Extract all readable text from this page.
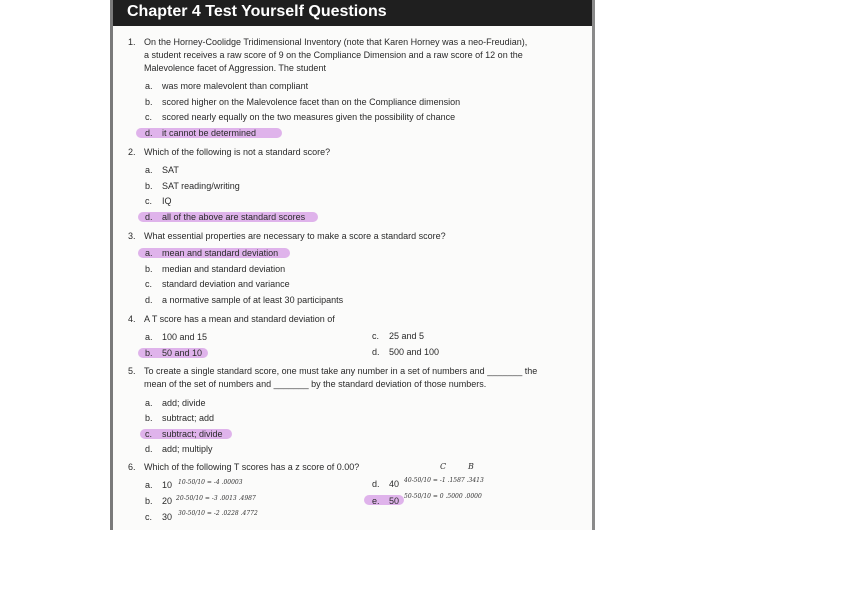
Chapter 4 Test Yourself Questions
1. On the Horney-Coolidge Tridimensional Inventory (note that Karen Horney was a neo-Freudian),
a student receives a raw score of 9 on the Compliance Dimension and a raw score of 12 on the
Malevolence facet of Aggression. The student
a. was more malevolent than compliant
b. scored higher on the Malevolence facet than on the Compliance dimension
c. scored nearly equally on the two measures given the possibility of chance
d. it cannot be determined
2. Which of the following is not a standard score?
a. SAT
b. SAT reading/writing
c. IQ
d. all of the above are standard scores
3. What essential properties are necessary to make a score a standard score?
a. mean and standard deviation
b. median and standard deviation
c. standard deviation and variance
d. a normative sample of at least 30 participants
4. A T score has a mean and standard deviation of
a. 100 and 15	c. 25 and 5
b. 50 and 10	d. 500 and 100
5. To create a single standard score, one must take any number in a set of numbers and _______ the
mean of the set of numbers and _______ by the standard deviation of those numbers.
a. add; divide
b. subtract; add
c. subtract; divide
d. add; multiply
6. Which of the following T scores has a z score of 0.00?	C	B
a. 10 10-50/10 = -4 .00003	d. 40 40-50/10 = -1 .1587 .3413
b. 20 20-50/10 = -3 .0013 .4987	e. 50 50-50/10 = 0 .5000 .0000
c. 30 30-50/10 = -2 .0228 .4772
